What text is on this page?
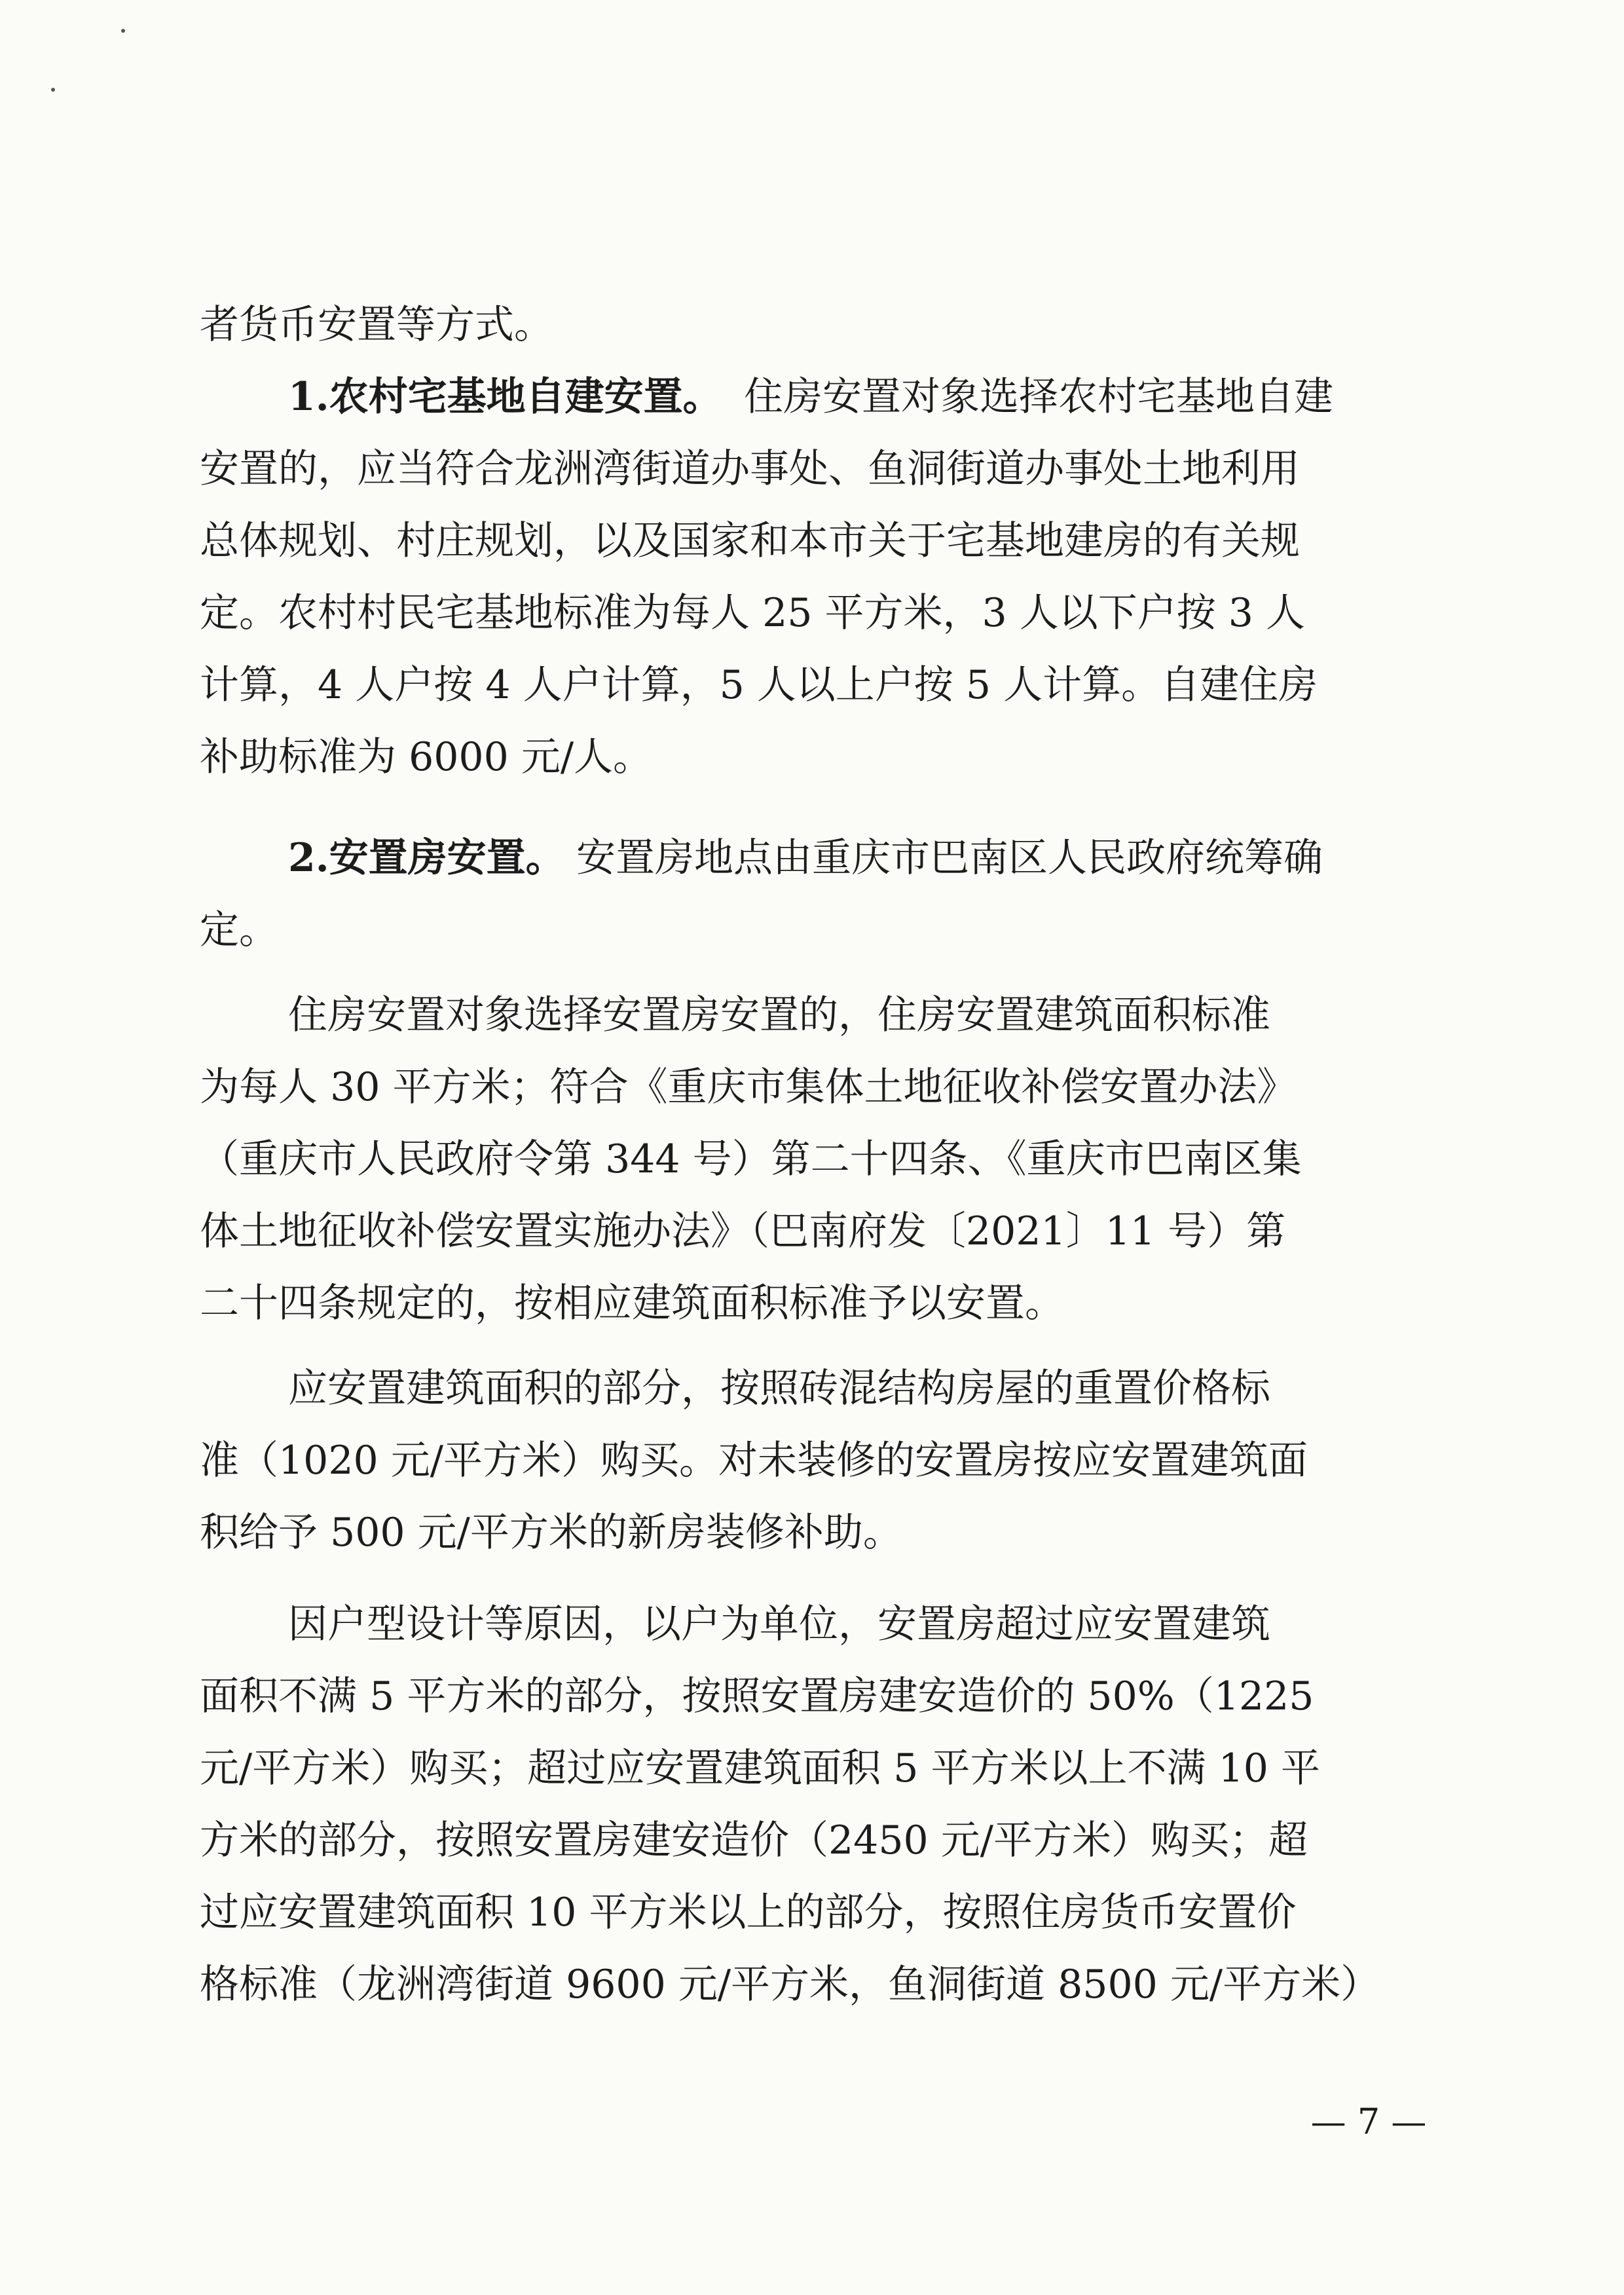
者货币安置等方式。
1.农村宅基地自建安置。 住房安置对象选择农村宅基地自建
安置的，应当符合龙洲湾街道办事处、鱼洞街道办事处土地利用
总体规划、村庄规划，以及国家和本市关于宅基地建房的有关规
定。农村村民宅基地标准为每人 25 平方米，3 人以下户按 3 人
计算，4 人户按 4 人户计算，5 人以上户按 5 人计算。自建住房
补助标准为 6000 元/人。
2.安置房安置。 安置房地点由重庆市巴南区人民政府统筹确
定。
住房安置对象选择安置房安置的，住房安置建筑面积标准
为每人 30 平方米；符合《重庆市集体土地征收补偿安置办法》
（重庆市人民政府令第 344 号）第二十四条、《重庆市巴南区集
体土地征收补偿安置实施办法》（巴南府发〔2021〕11 号）第
二十四条规定的，按相应建筑面积标准予以安置。
应安置建筑面积的部分，按照砖混结构房屋的重置价格标
准（1020 元/平方米）购买。对未装修的安置房按应安置建筑面
积给予 500 元/平方米的新房装修补助。
因户型设计等原因，以户为单位，安置房超过应安置建筑
面积不满 5 平方米的部分，按照安置房建安造价的 50%（1225
元/平方米）购买；超过应安置建筑面积 5 平方米以上不满 10 平
方米的部分，按照安置房建安造价（2450 元/平方米）购买；超
过应安置建筑面积 10 平方米以上的部分，按照住房货币安置价
格标准（龙洲湾街道 9600 元/平方米，鱼洞街道 8500 元/平方米）
— 7 —
